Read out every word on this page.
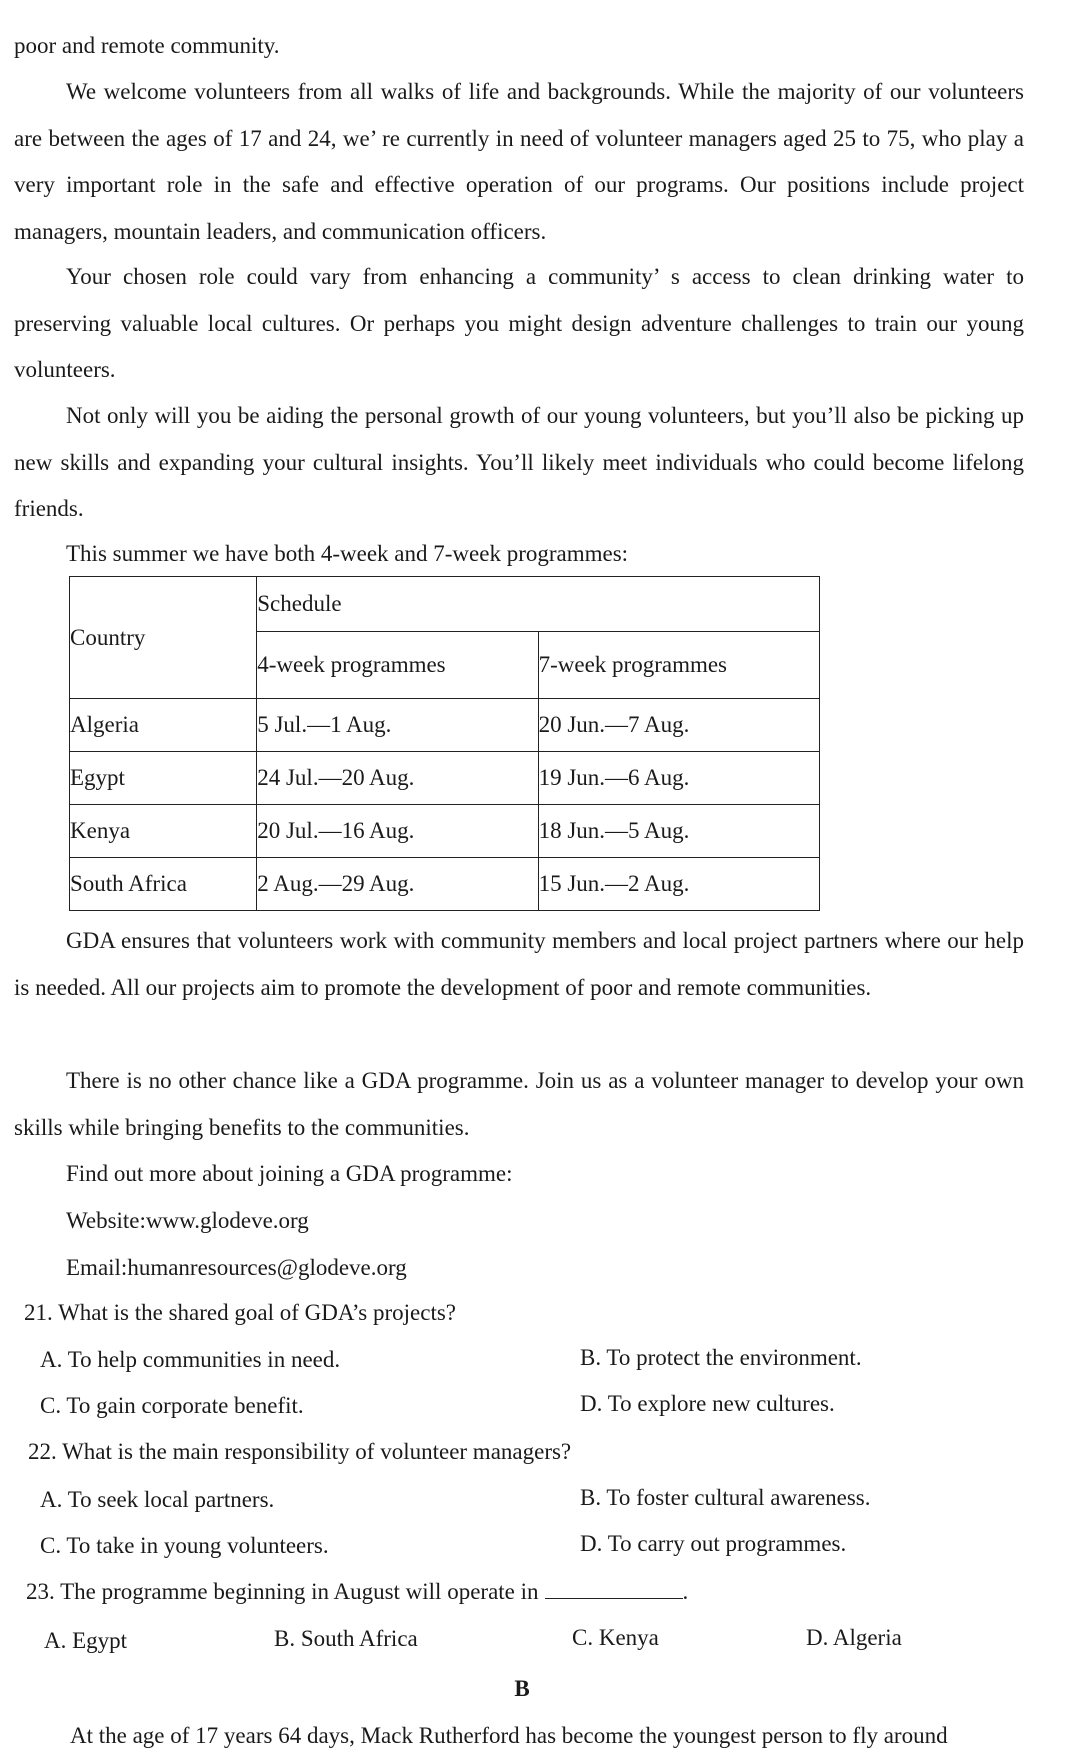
poor and remote community.

We welcome volunteers from all walks of life and backgrounds. While the majority of our volunteers are between the ages of 17 and 24, we’ re currently in need of volunteer managers aged 25 to 75, who play a very important role in the safe and effective operation of our programs. Our positions include project managers, mountain leaders, and communication officers.

Your chosen role could vary from enhancing a community’ s access to clean drinking water to preserving valuable local cultures. Or perhaps you might design adventure challenges to train our young volunteers.

Not only will you be aiding the personal growth of our young volunteers, but you’ll also be picking up new skills and expanding your cultural insights. You’ll likely meet individuals who could become lifelong friends.

This summer we have both 4-week and 7-week programmes:

Country	Schedule	
	4-week programmes	7-week programmes
Algeria	5 Jul.—1 Aug.	20 Jun.—7 Aug.
Egypt	24 Jul.—20 Aug.	19 Jun.—6 Aug.
Kenya	20 Jul.—16 Aug.	18 Jun.—5 Aug.
South Africa	2 Aug.—29 Aug.	15 Jun.—2 Aug.

GDA ensures that volunteers work with community members and local project partners where our help is needed. All our projects aim to promote the development of poor and remote communities.

There is no other chance like a GDA programme. Join us as a volunteer manager to develop your own skills while bringing benefits to the communities.

Find out more about joining a GDA programme:

Website:www.glodeve.org

Email:humanresources@glodeve.org

21. What is the shared goal of GDA’s projects?

A. To help communities in need.	B. To protect the environment.

C. To gain corporate benefit.	D. To explore new cultures.

22. What is the main responsibility of volunteer managers?

A. To seek local partners.	B. To foster cultural awareness.

C. To take in young volunteers.	D. To carry out programmes.

23. The programme beginning in August will operate in	.

A. Egypt	B. South Africa	C. Kenya	D. Algeria

B

At the age of 17 years 64 days, Mack Rutherford has become the youngest person to fly around
